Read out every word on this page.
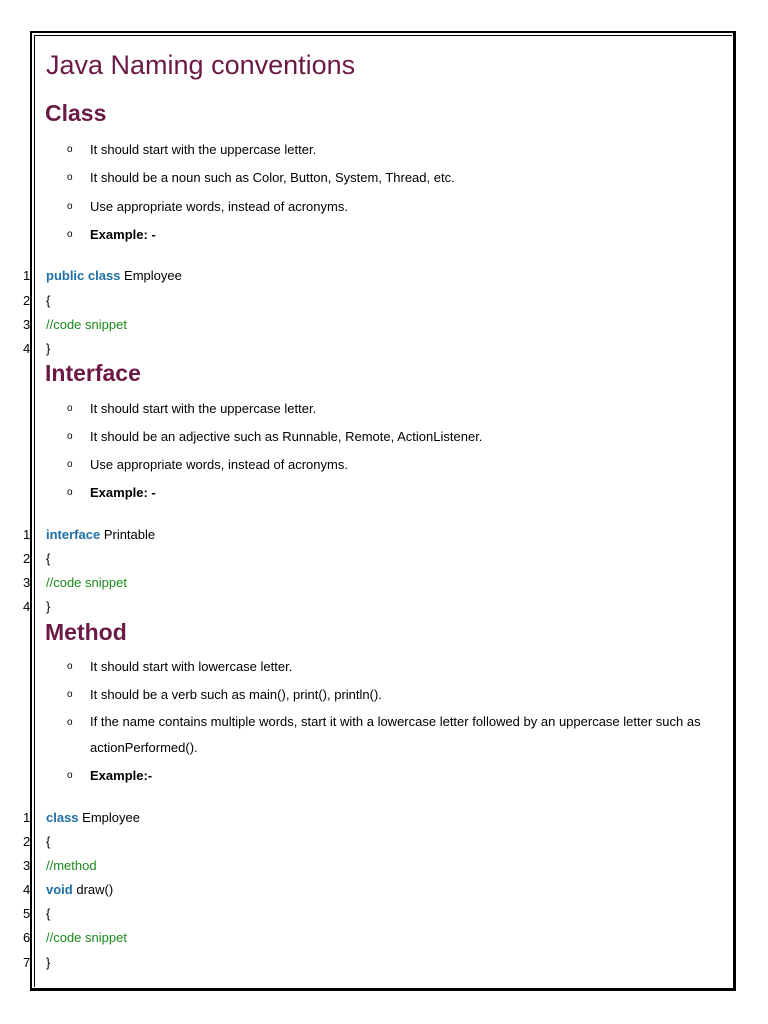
Java Naming conventions
Class
o It should start with the uppercase letter.
o It should be a noun such as Color, Button, System, Thread, etc.
o Use appropriate words, instead of acronyms.
o Example: -
1 public class Employee
2 {
3 //code snippet
4 }
Interface
o It should start with the uppercase letter.
o It should be an adjective such as Runnable, Remote, ActionListener.
o Use appropriate words, instead of acronyms.
o Example: -
1 interface Printable
2 {
3 //code snippet
4 }
Method
o It should start with lowercase letter.
o It should be a verb such as main(), print(), println().
o If the name contains multiple words, start it with a lowercase letter followed by an uppercase letter such as actionPerformed().
o Example:-
1 class Employee
2 {
3 //method
4 void draw()
5 {
6 //code snippet
7 }
